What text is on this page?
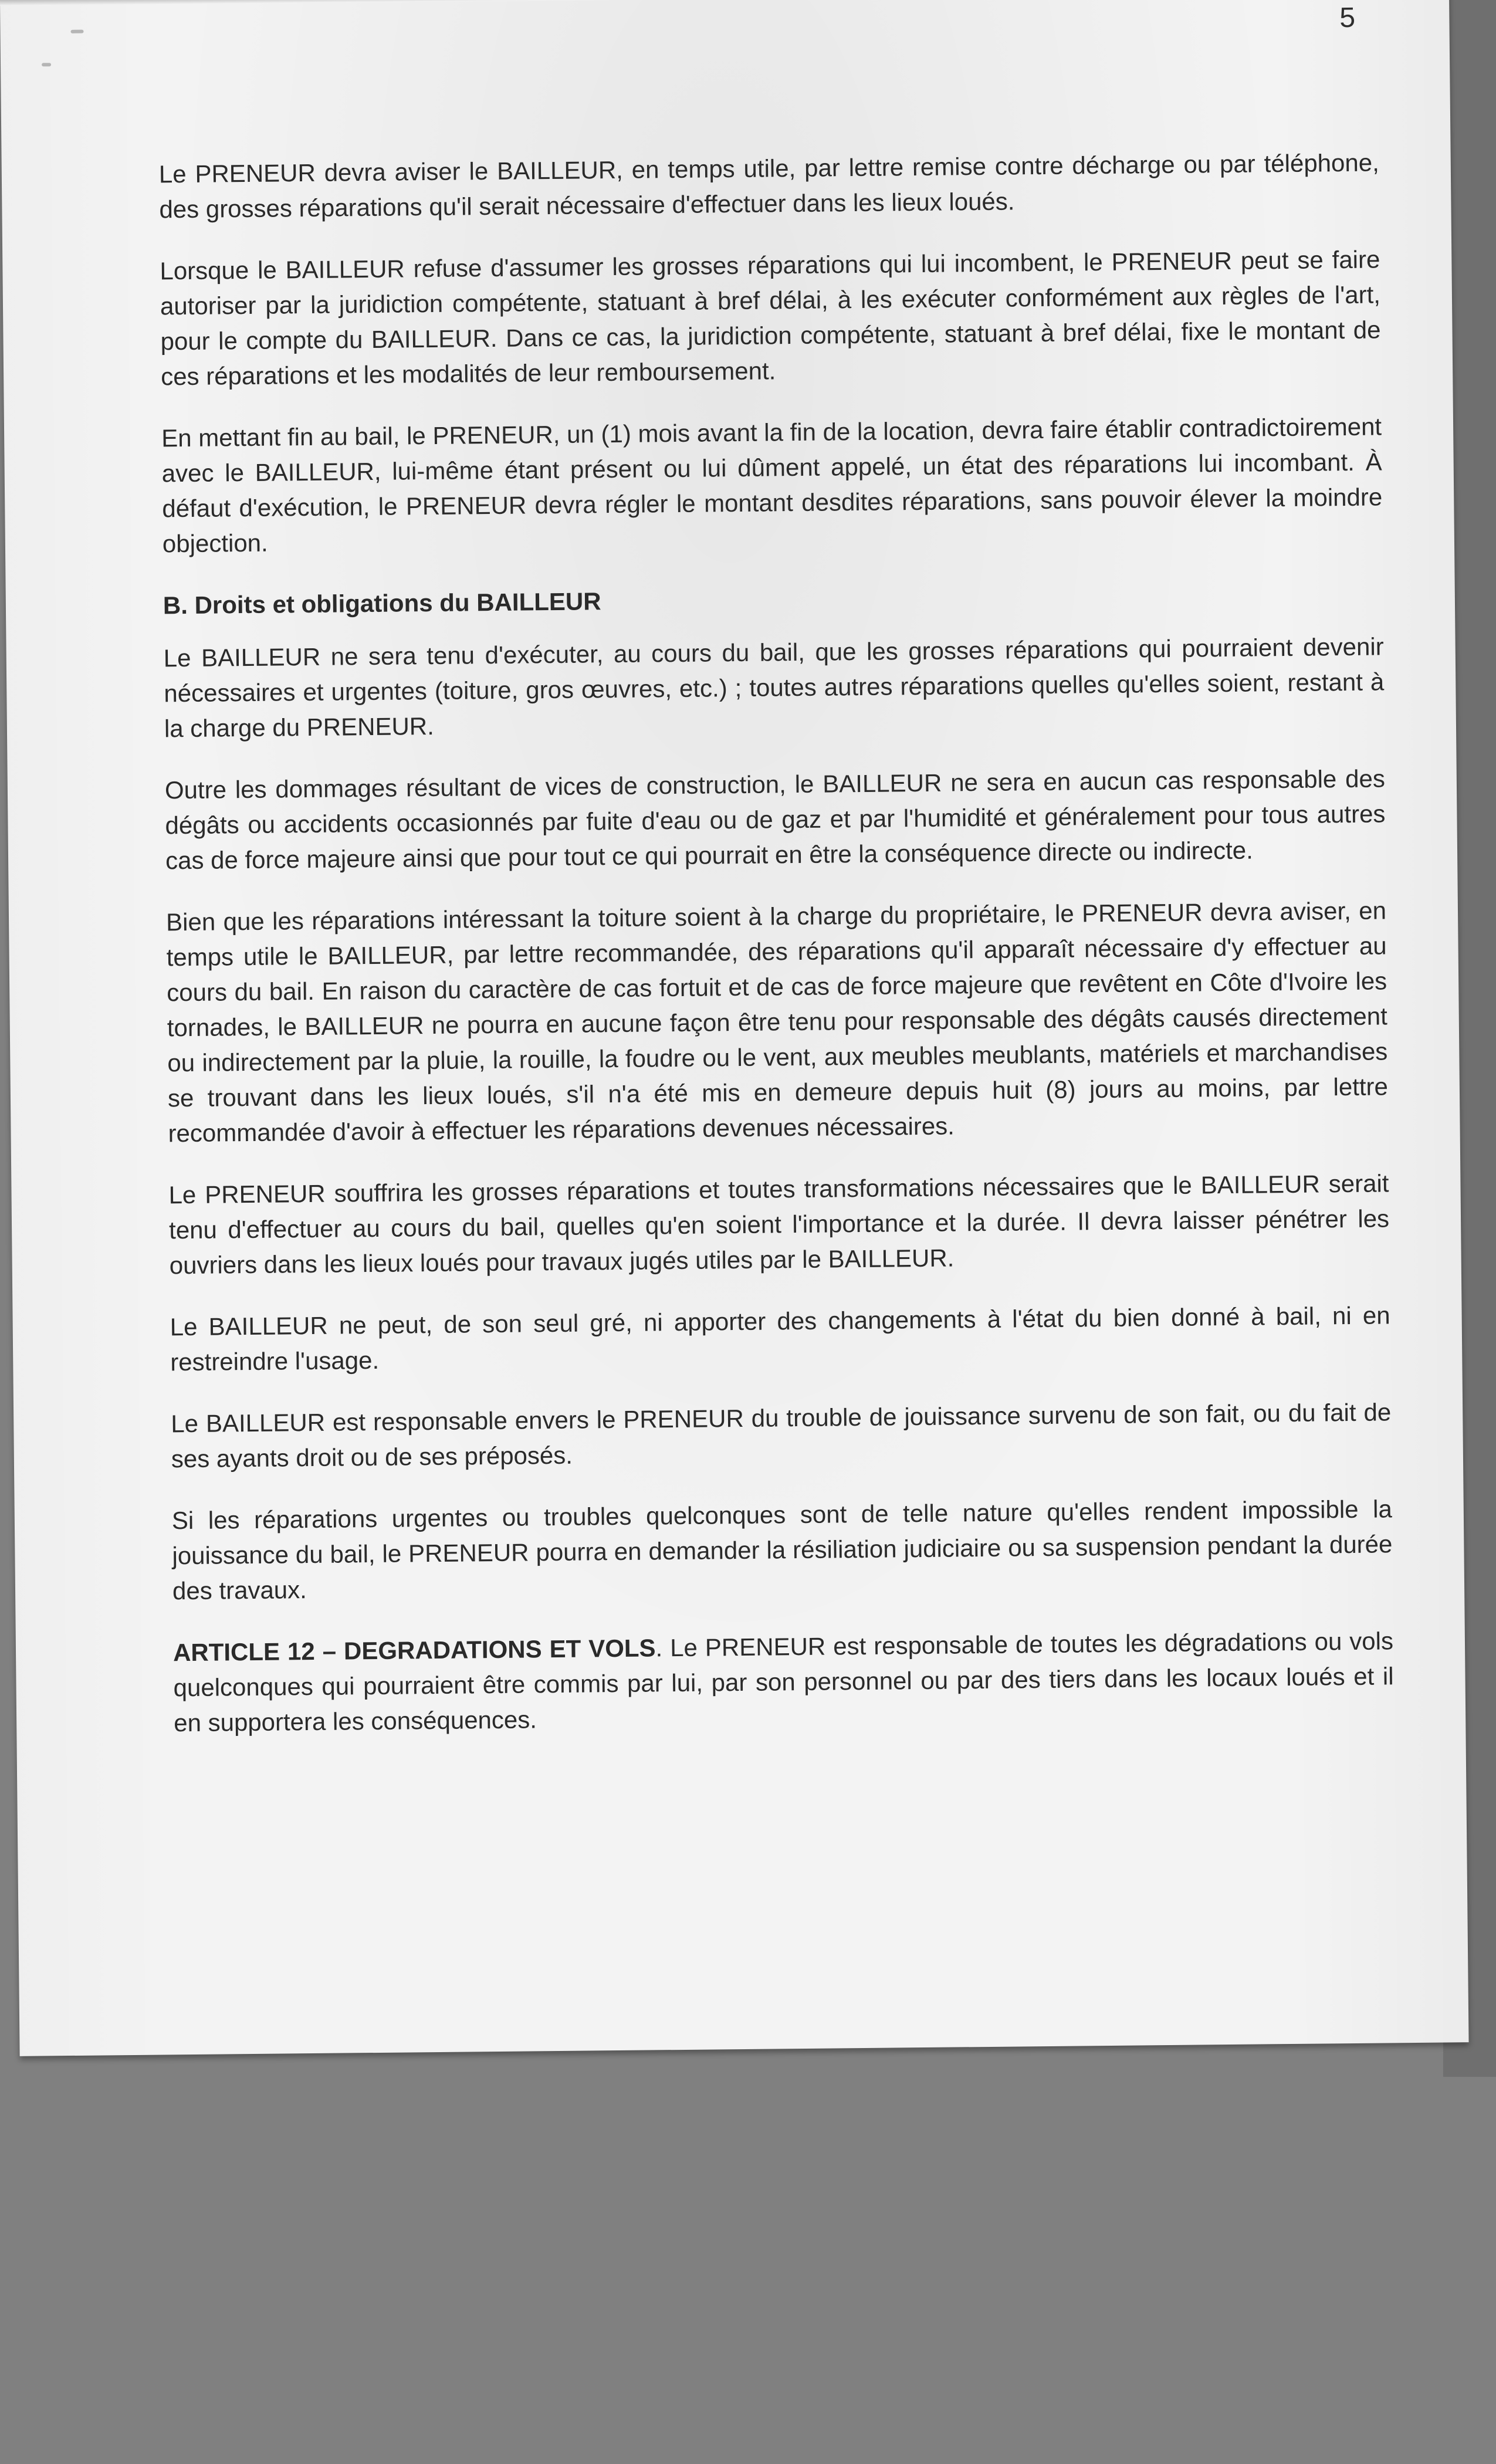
5

Le PRENEUR devra aviser le BAILLEUR, en temps utile, par lettre remise contre décharge ou par téléphone, des grosses réparations qu'il serait nécessaire d'effectuer dans les lieux loués.

Lorsque le BAILLEUR refuse d'assumer les grosses réparations qui lui incombent, le PRENEUR peut se faire autoriser par la juridiction compétente, statuant à bref délai, à les exécuter conformément aux règles de l'art, pour le compte du BAILLEUR. Dans ce cas, la juridiction compétente, statuant à bref délai, fixe le montant de ces réparations et les modalités de leur remboursement.

En mettant fin au bail, le PRENEUR, un (1) mois avant la fin de la location, devra faire établir contradictoirement avec le BAILLEUR, lui-même étant présent ou lui dûment appelé, un état des réparations lui incombant. À défaut d'exécution, le PRENEUR devra régler le montant desdites réparations, sans pouvoir élever la moindre objection.

B. Droits et obligations du BAILLEUR

Le BAILLEUR ne sera tenu d'exécuter, au cours du bail, que les grosses réparations qui pourraient devenir nécessaires et urgentes (toiture, gros œuvres, etc.) ; toutes autres réparations quelles qu'elles soient, restant à la charge du PRENEUR.

Outre les dommages résultant de vices de construction, le BAILLEUR ne sera en aucun cas responsable des dégâts ou accidents occasionnés par fuite d'eau ou de gaz et par l'humidité et généralement pour tous autres cas de force majeure ainsi que pour tout ce qui pourrait en être la conséquence directe ou indirecte.

Bien que les réparations intéressant la toiture soient à la charge du propriétaire, le PRENEUR devra aviser, en temps utile le BAILLEUR, par lettre recommandée, des réparations qu'il apparaît nécessaire d'y effectuer au cours du bail. En raison du caractère de cas fortuit et de cas de force majeure que revêtent en Côte d'Ivoire les tornades, le BAILLEUR ne pourra en aucune façon être tenu pour responsable des dégâts causés directement ou indirectement par la pluie, la rouille, la foudre ou le vent, aux meubles meublants, matériels et marchandises se trouvant dans les lieux loués, s'il n'a été mis en demeure depuis huit (8) jours au moins, par lettre recommandée d'avoir à effectuer les réparations devenues nécessaires.

Le PRENEUR souffrira les grosses réparations et toutes transformations nécessaires que le BAILLEUR serait tenu d'effectuer au cours du bail, quelles qu'en soient l'importance et la durée. Il devra laisser pénétrer les ouvriers dans les lieux loués pour travaux jugés utiles par le BAILLEUR.

Le BAILLEUR ne peut, de son seul gré, ni apporter des changements à l'état du bien donné à bail, ni en restreindre l'usage.

Le BAILLEUR est responsable envers le PRENEUR du trouble de jouissance survenu de son fait, ou du fait de ses ayants droit ou de ses préposés.

Si les réparations urgentes ou troubles quelconques sont de telle nature qu'elles rendent impossible la jouissance du bail, le PRENEUR pourra en demander la résiliation judiciaire ou sa suspension pendant la durée des travaux.

ARTICLE 12 – DEGRADATIONS ET VOLS. Le PRENEUR est responsable de toutes les dégradations ou vols quelconques qui pourraient être commis par lui, par son personnel ou par des tiers dans les locaux loués et il en supportera les conséquences.
